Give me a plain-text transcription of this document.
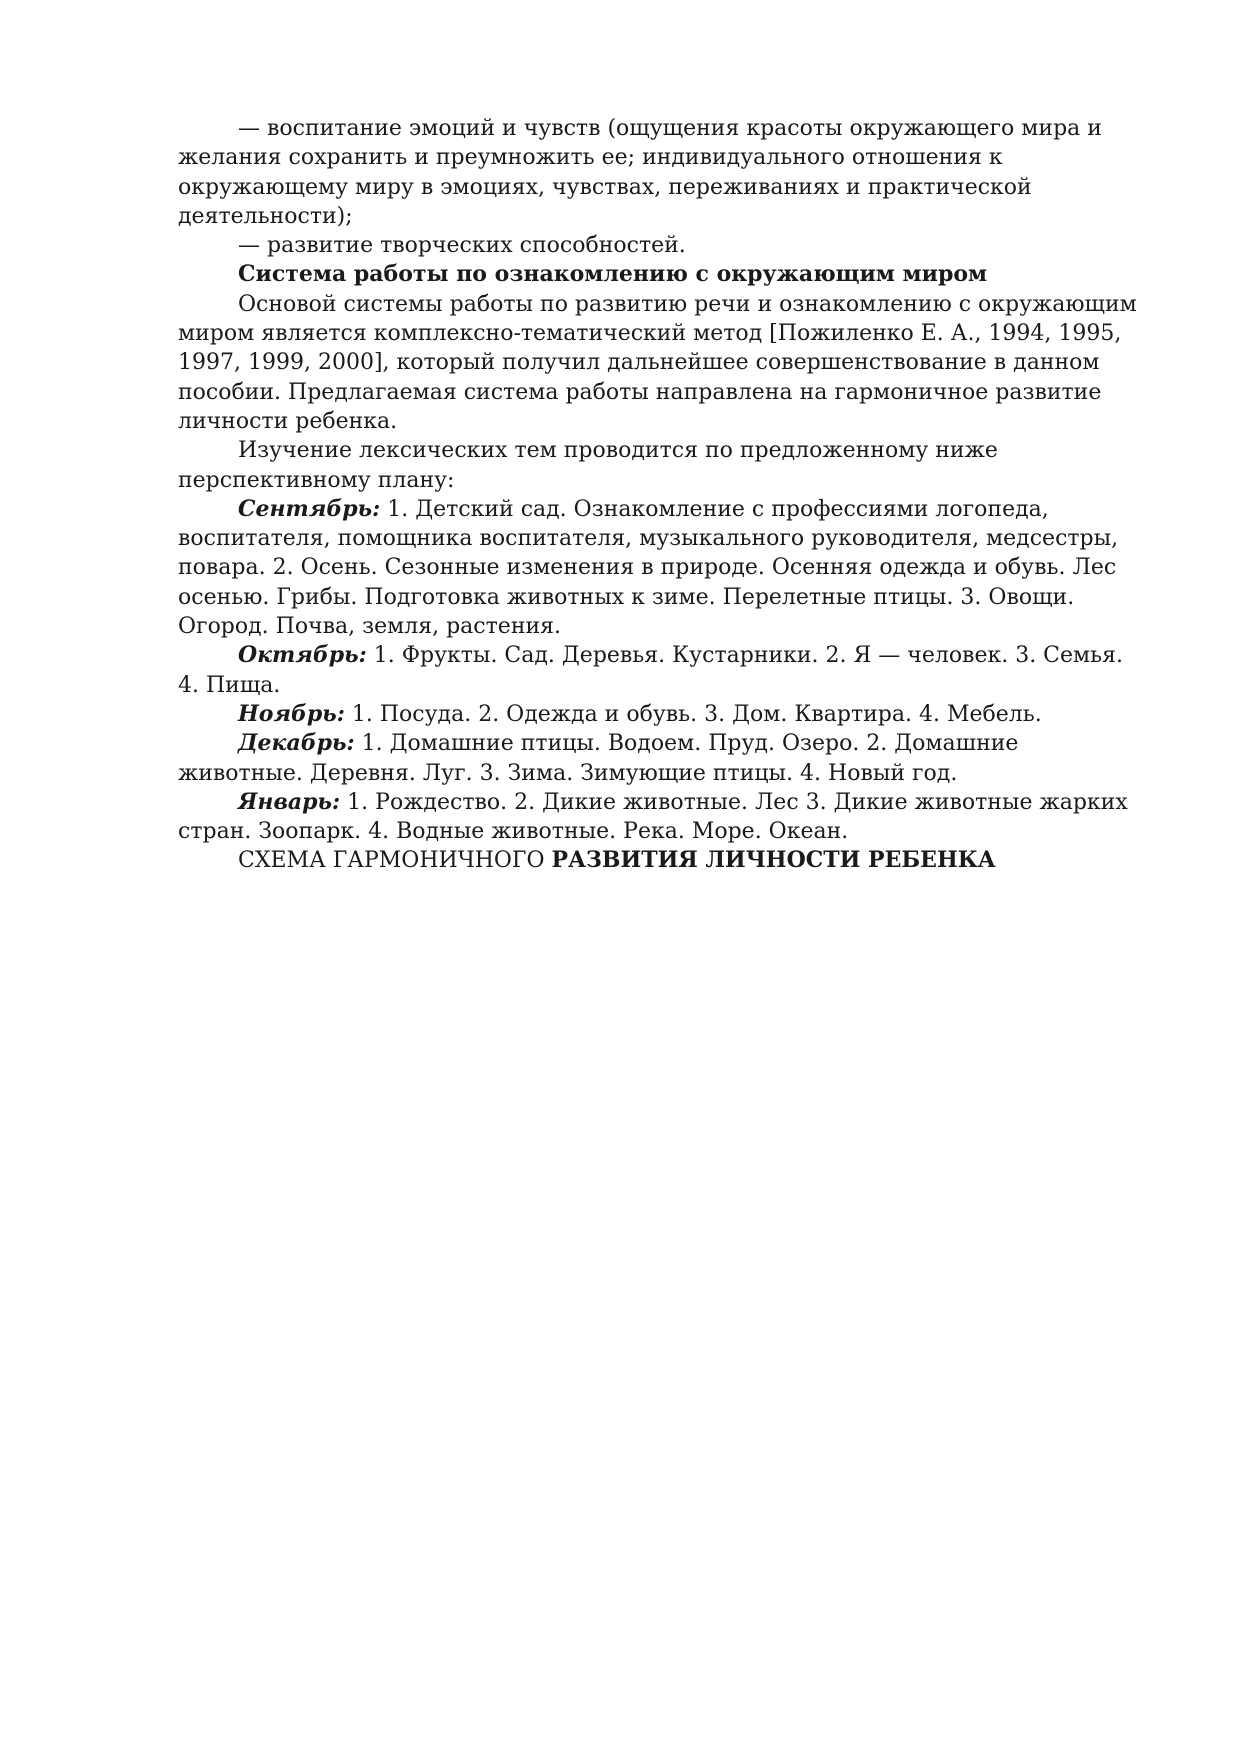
— воспитание эмоций и чувств (ощущения красоты окружающего мира и желания сохранить и преумножить ее; индивидуального отношения к окружающему миру в эмоциях, чувствах, переживаниях и практической деятельности);

— развитие творческих способностей.

Система работы по ознакомлению с окружающим миром

Основой системы работы по развитию речи и ознакомлению с окружающим миром является комплексно-тематический метод [Пожиленко Е. А., 1994, 1995, 1997, 1999, 2000], который получил дальнейшее совершенствование в данном пособии. Предлагаемая система работы направлена на гармоничное развитие личности ребенка.

Изучение лексических тем проводится по предложенному ниже перспективному плану:

Сентябрь: 1. Детский сад. Ознакомление с профессиями логопеда, воспитателя, помощника воспитателя, музыкального руководителя, медсестры, повара. 2. Осень. Сезонные изменения в природе. Осенняя одежда и обувь. Лес осенью. Грибы. Подготовка животных к зиме. Перелетные птицы. 3. Овощи. Огород. Почва, земля, растения.

Октябрь: 1. Фрукты. Сад. Деревья. Кустарники. 2. Я — человек. 3. Семья. 4. Пища.

Ноябрь: 1. Посуда. 2. Одежда и обувь. 3. Дом. Квартира. 4. Мебель.

Декабрь: 1. Домашние птицы. Водоем. Пруд. Озеро. 2. Домашние животные. Деревня. Луг. 3. Зима. Зимующие птицы. 4. Новый год.

Январь: 1. Рождество. 2. Дикие животные. Лес 3. Дикие животные жарких стран. Зоопарк. 4. Водные животные. Река. Море. Океан.

СХЕМА ГАРМОНИЧНОГО РАЗВИТИЯ ЛИЧНОСТИ РЕБЕНКА
